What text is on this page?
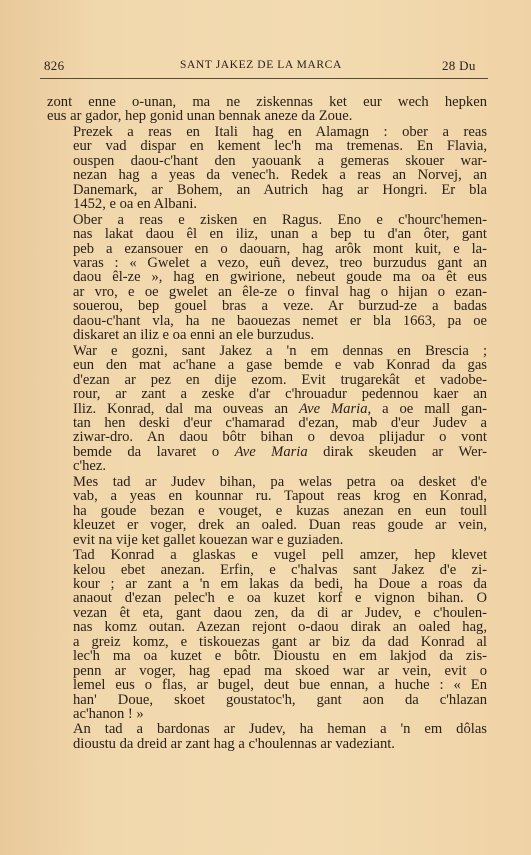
826	SANT JAKEZ DE LA MARCA	28 Du

zont enne o-unan, ma ne ziskennas ket eur wech hepken
eus ar gador, hep gonid unan bennak aneze da Zoue.

Prezek a reas en Itali hag en Alamagn : ober a reas
eur vad dispar en kement lec'h ma tremenas. En Flavia,
ouspen daou-c'hant den yaouank a gemeras skouer war-
nezan hag a yeas da venec'h. Redek a reas an Norvej, an
Danemark, ar Bohem, an Autrich hag ar Hongri. Er bla
1452, e oa en Albani.

Ober a reas e zisken en Ragus. Eno e c'hourc'hemen-
nas lakat daou êl en iliz, unan a bep tu d'an ôter, gant
peb a ezansouer en o daouarn, hag arôk mont kuit, e la-
varas : « Gwelet a vezo, euñ devez, treo burzudus gant an
daou êl-ze », hag en gwirione, nebeut goude ma oa êt eus
ar vro, e oe gwelet an êle-ze o finval hag o hijan o ezan-
souerou, bep gouel bras a veze. Ar burzud-ze a badas
daou-c'hant vla, ha ne baouezas nemet er bla 1663, pa oe
diskaret an iliz e oa enni an ele burzudus.

War e gozni, sant Jakez a 'n em dennas en Brescia ;
eun den mat ac'hane a gase bemde e vab Konrad da gas
d'ezan ar pez en dije ezom. Evit trugarekât et vadobe-
rour, ar zant a zeske d'ar c'hrouadur pedennou kaer an
Iliz. Konrad, dal ma ouveas an Ave Maria, a oe mall gan-
tan hen deski d'eur c'hamarad d'ezan, mab d'eur Judev a
ziwar-dro. An daou bôtr bihan o devoa plijadur o vont
bemde da lavaret o Ave Maria dirak skeuden ar Wer-
c'hez.

Mes tad ar Judev bihan, pa welas petra oa desket d'e
vab, a yeas en kounnar ru. Tapout reas krog en Konrad,
ha goude bezan e vouget, e kuzas anezan en eun toull
kleuzet er voger, drek an oaled. Duan reas goude ar vein,
evit na vije ket gallet kouezan war e guziaden.

Tad Konrad a glaskas e vugel pell amzer, hep klevet
kelou ebet anezan. Erfin, e c'halvas sant Jakez d'e zi-
kour ; ar zant a 'n em lakas da bedi, ha Doue a roas da
anaout d'ezan pelec'h e oa kuzet korf e vignon bihan. O
vezan êt eta, gant daou zen, da di ar Judev, e c'houlen-
nas komz outan. Azezan rejont o-daou dirak an oaled hag,
a greiz komz, e tiskouezas gant ar biz da dad Konrad al
lec'h ma oa kuzet e bôtr. Dioustu en em lakjod da zis-
penn ar voger, hag epad ma skoed war ar vein, evit o
lemel eus o flas, ar bugel, deut bue ennan, a huche : « En
han' Doue, skoet goustatoc'h, gant aon da c'hlazan
ac'hanon ! »

An tad a bardonas ar Judev, ha heman a 'n em dôlas
dioustu da dreid ar zant hag a c'houlennas ar vadeziant.
